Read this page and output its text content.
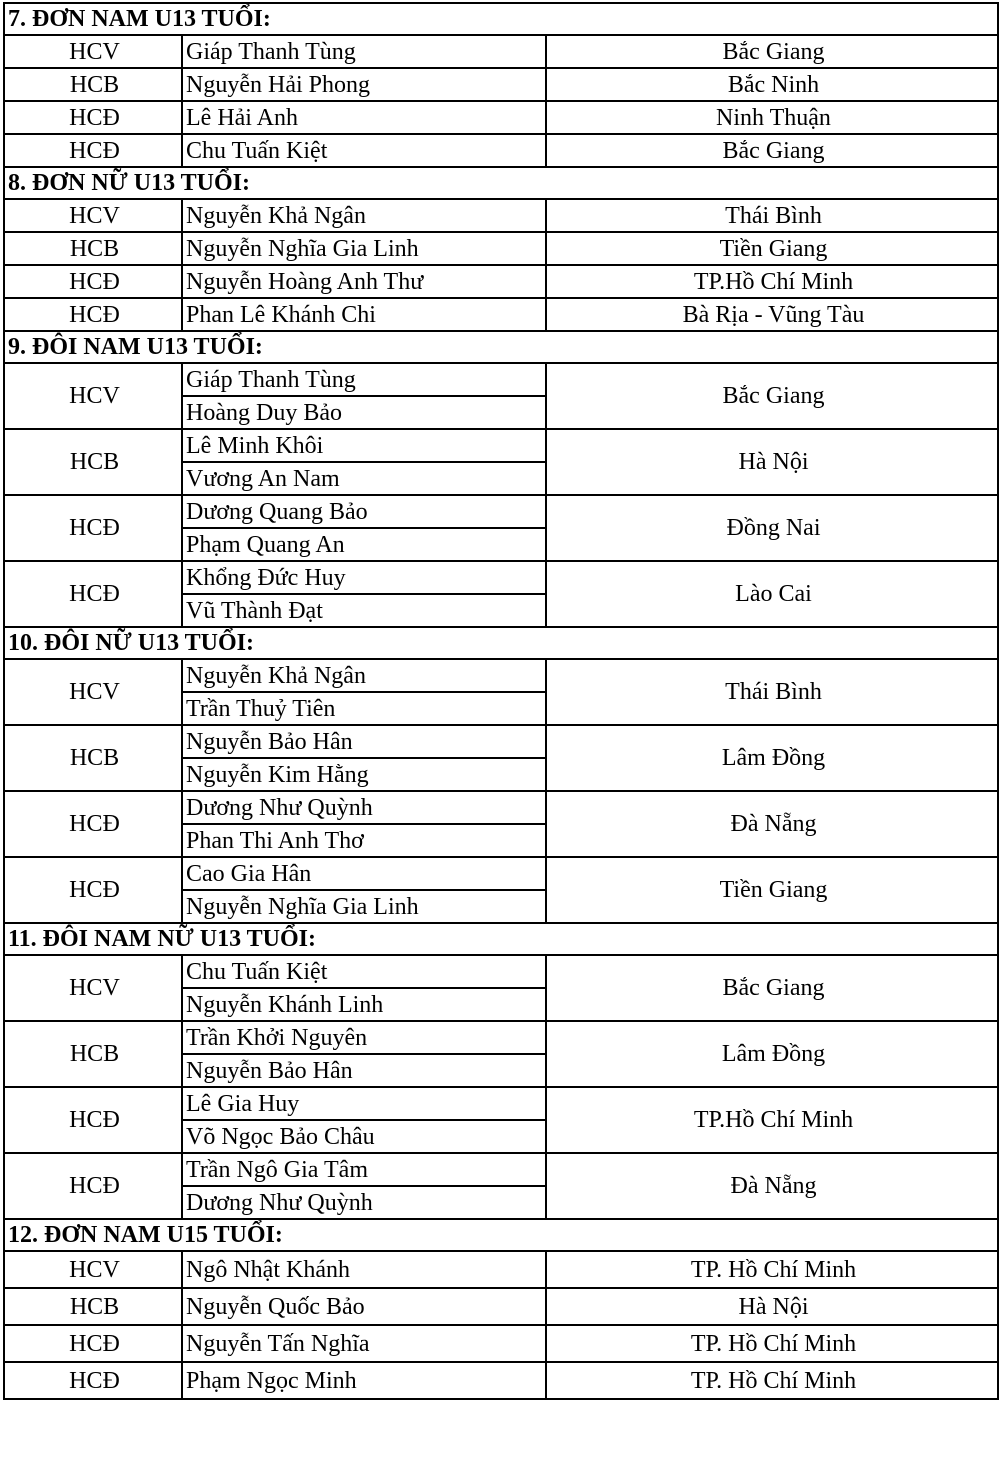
7. ĐƠN NAM U13 TUỔI:		
HCV	Giáp Thanh Tùng	Bắc Giang
HCB	Nguyễn Hải Phong	Bắc Ninh
HCĐ	Lê Hải Anh	Ninh Thuận
HCĐ	Chu Tuấn Kiệt	Bắc Giang
8. ĐƠN NỮ U13 TUỔI:		
HCV	Nguyễn Khả Ngân	Thái Bình
HCB	Nguyễn Nghĩa Gia Linh	Tiền Giang
HCĐ	Nguyễn Hoàng Anh Thư	TP.Hồ Chí Minh
HCĐ	Phan Lê Khánh Chi	Bà Rịa - Vũng Tàu
9. ĐÔI NAM U13 TUỔI:		
HCV	Giáp Thanh Tùng	Bắc Giang
	Hoàng Duy Bảo	
HCB	Lê Minh Khôi	Hà Nội
	Vương An Nam	
HCĐ	Dương Quang Bảo	Đồng Nai
	Phạm Quang An	
HCĐ	Khổng Đức Huy	Lào Cai
	Vũ Thành Đạt	
10. ĐÔI NỮ U13 TUỔI:		
HCV	Nguyễn Khả Ngân	Thái Bình
	Trần Thuỷ Tiên	
HCB	Nguyễn Bảo Hân	Lâm Đồng
	Nguyễn Kim Hằng	
HCĐ	Dương Như Quỳnh	Đà Nẵng
	Phan Thi Anh Thơ	
HCĐ	Cao Gia Hân	Tiền Giang
	Nguyễn Nghĩa Gia Linh	
11. ĐÔI NAM NỮ U13 TUỔI:		
HCV	Chu Tuấn Kiệt	Bắc Giang
	Nguyễn Khánh Linh	
HCB	Trần Khởi Nguyên	Lâm Đồng
	Nguyễn Bảo Hân	
HCĐ	Lê Gia Huy	TP.Hồ Chí Minh
	Võ Ngọc Bảo Châu	
HCĐ	Trần Ngô Gia Tâm	Đà Nẵng
	Dương Như Quỳnh	
12. ĐƠN NAM U15 TUỔI:		
HCV	Ngô Nhật Khánh	TP. Hồ Chí Minh
HCB	Nguyễn Quốc Bảo	Hà Nội
HCĐ	Nguyễn Tấn Nghĩa	TP. Hồ Chí Minh
HCĐ	Phạm Ngọc Minh	TP. Hồ Chí Minh
